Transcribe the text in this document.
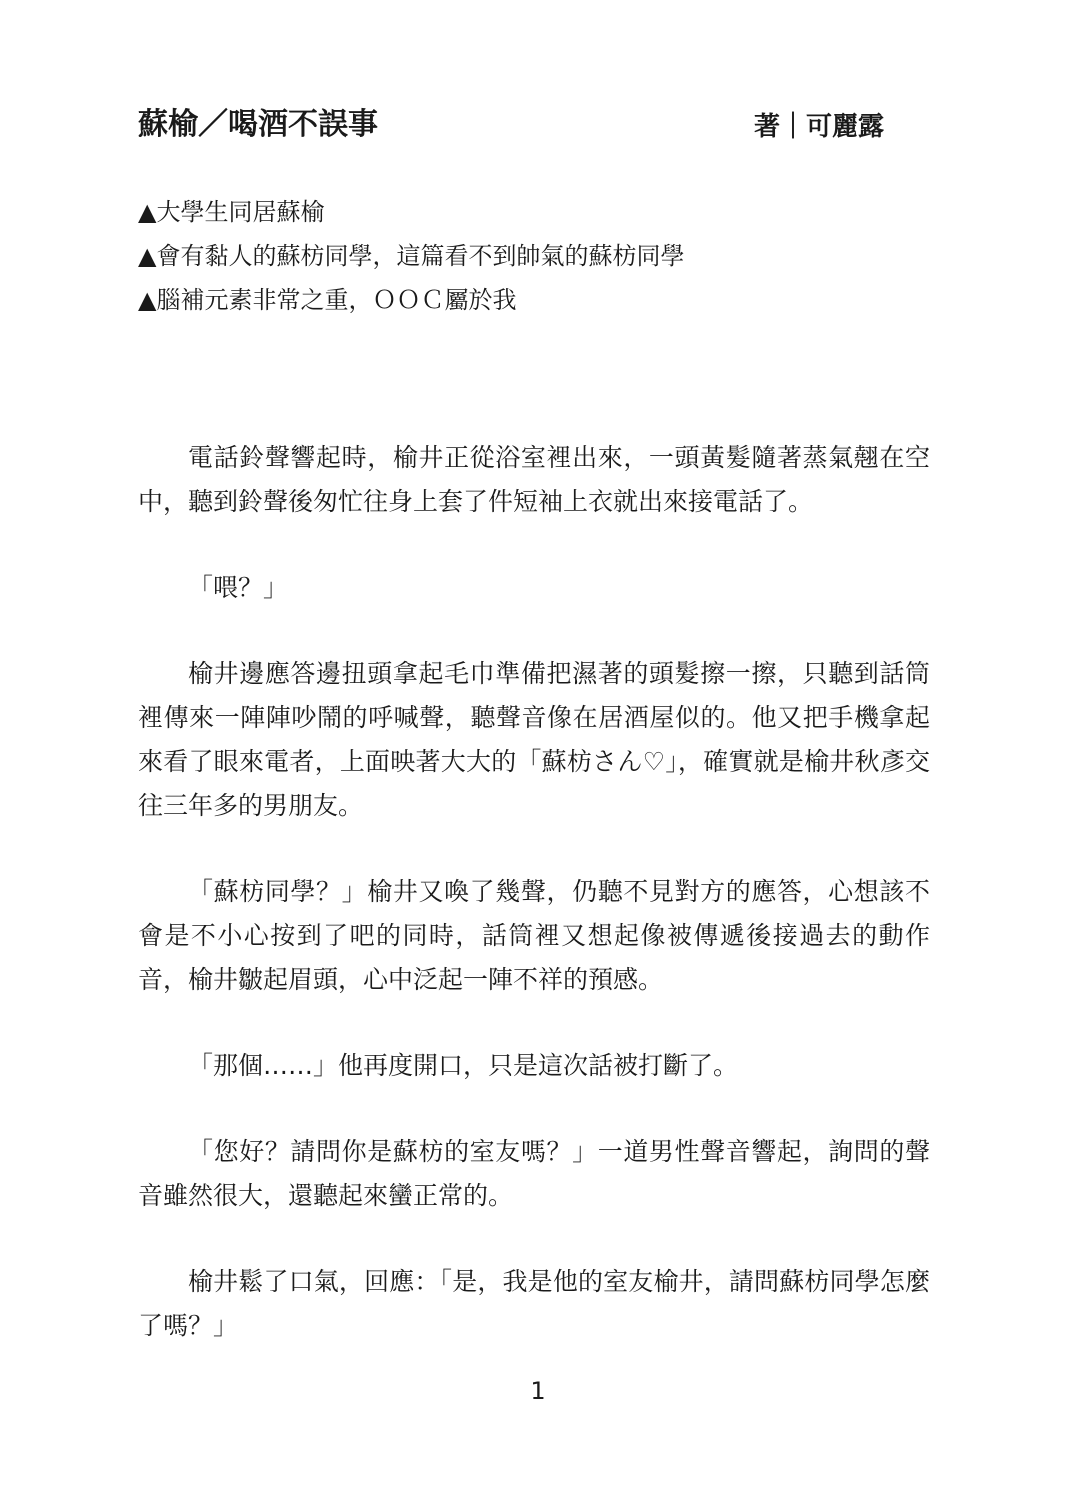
蘇榆／喝酒不誤事	著｜可麗露
▲大學生同居蘇榆
▲會有黏人的蘇枋同學，這篇看不到帥氣的蘇枋同學
▲腦補元素非常之重，ＯＯＣ屬於我

電話鈴聲響起時，榆井正從浴室裡出來，一頭黃髮隨著蒸氣翹在空中，聽到鈴聲後匆忙往身上套了件短袖上衣就出來接電話了。

「喂？」

榆井邊應答邊扭頭拿起毛巾準備把濕著的頭髮擦一擦，只聽到話筒裡傳來一陣陣吵鬧的呼喊聲，聽聲音像在居酒屋似的。他又把手機拿起來看了眼來電者，上面映著大大的「蘇枋さん♡」，確實就是榆井秋彥交往三年多的男朋友。

「蘇枋同學？」榆井又喚了幾聲，仍聽不見對方的應答，心想該不會是不小心按到了吧的同時，話筒裡又想起像被傳遞後接過去的動作音，榆井皺起眉頭，心中泛起一陣不祥的預感。

「那個……」他再度開口，只是這次話被打斷了。

「您好？請問你是蘇枋的室友嗎？」一道男性聲音響起，詢問的聲音雖然很大，還聽起來蠻正常的。

榆井鬆了口氣，回應：「是，我是他的室友榆井，請問蘇枋同學怎麼了嗎？」

1
